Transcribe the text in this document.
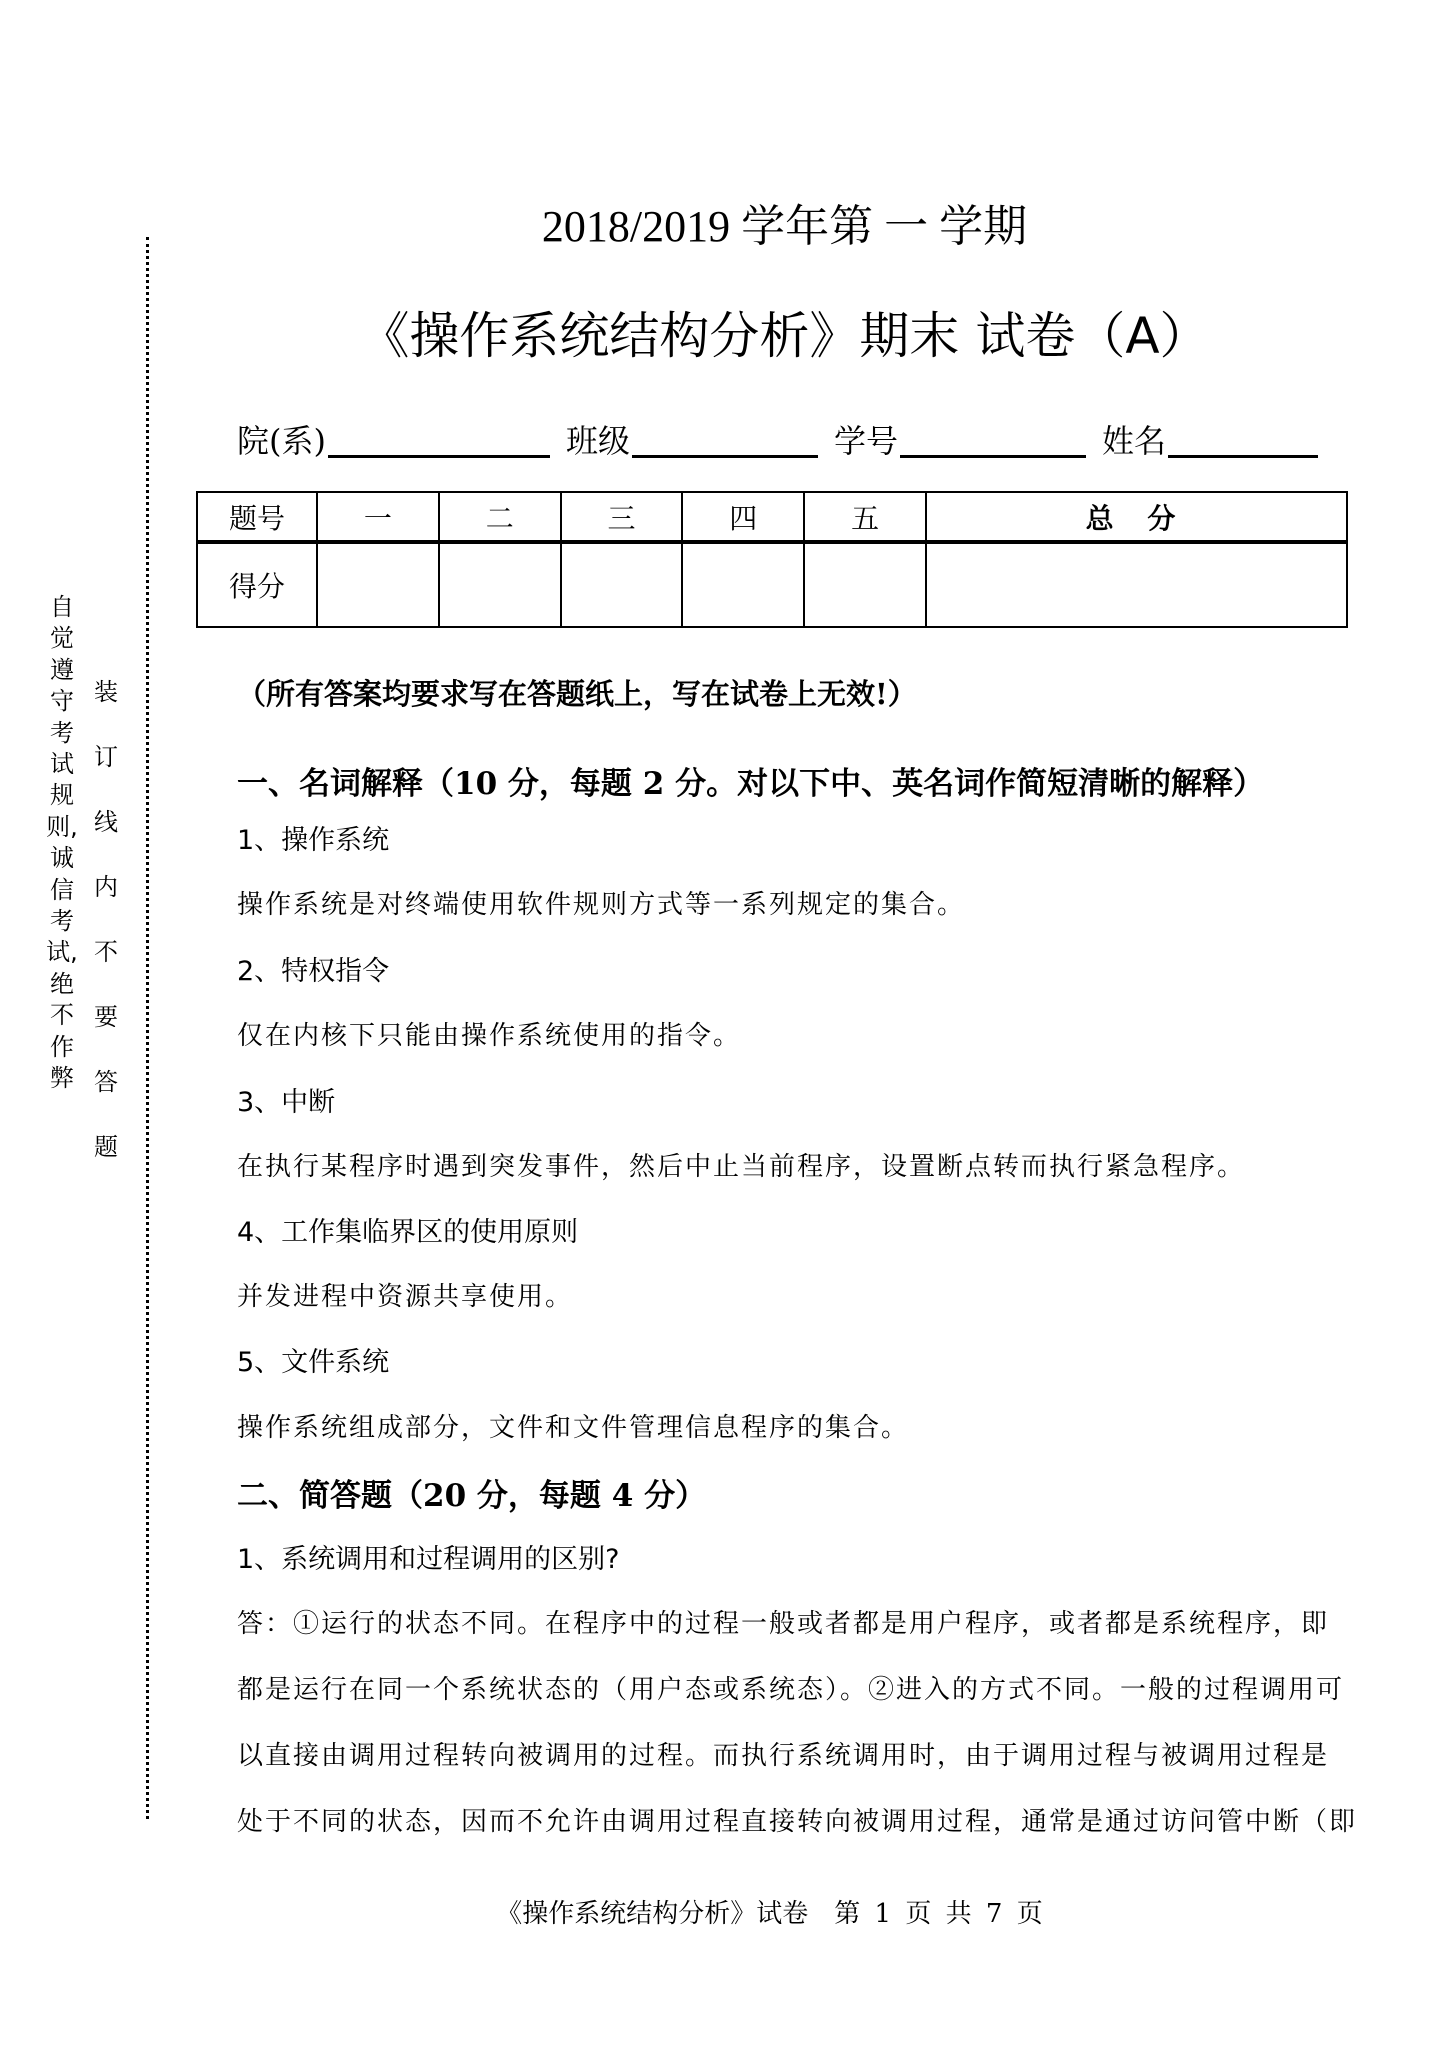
自觉遵守考试规则,诚信考试,绝不作弊
装订线内不要答题
2018/2019 学年第 一 学期
《操作系统结构分析》期末 试卷（A）
院(系)	班级	学号	姓名
题号	一	二	三	四	五	总 分
得分						
（所有答案均要求写在答题纸上，写在试卷上无效!）
一、名词解释（10 分，每题 2 分。对以下中、英名词作简短清晰的解释）
1、操作系统
操作系统是对终端使用软件规则方式等一系列规定的集合。
2、特权指令
仅在内核下只能由操作系统使用的指令。
3、中断
在执行某程序时遇到突发事件，然后中止当前程序，设置断点转而执行紧急程序。
4、工作集临界区的使用原则
并发进程中资源共享使用。
5、文件系统
操作系统组成部分，文件和文件管理信息程序的集合。
二、简答题（20 分，每题 4 分）
1、系统调用和过程调用的区别?
答：①运行的状态不同。在程序中的过程一般或者都是用户程序，或者都是系统程序，即
都是运行在同一个系统状态的（用户态或系统态）。②进入的方式不同。一般的过程调用可
以直接由调用过程转向被调用的过程。而执行系统调用时，由于调用过程与被调用过程是
处于不同的状态，因而不允许由调用过程直接转向被调用过程，通常是通过访问管中断（即
《操作系统结构分析》试卷　第 1 页 共 7 页
